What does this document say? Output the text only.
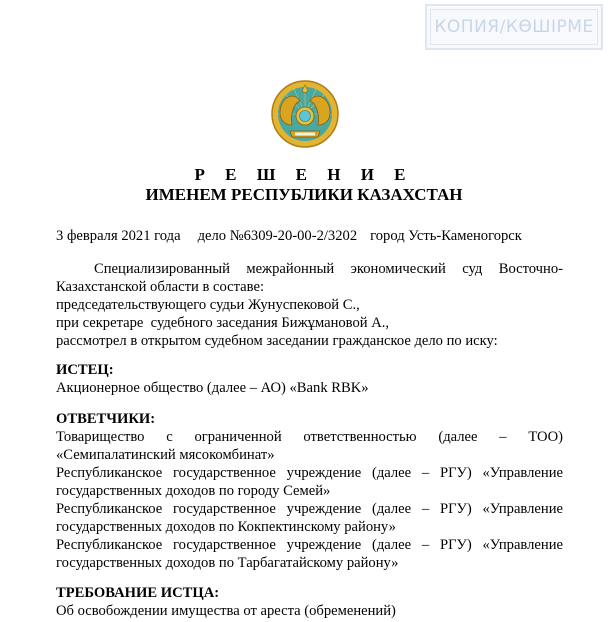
КОПИЯ/КӨШІРМЕ
Р Е Ш Е Н И Е
ИМЕНЕМ РЕСПУБЛИКИ КАЗАХСТАН
3 февраля 2021 года дело №6309-20-00-2/3202 город Усть-Каменогорск
Специализированный межрайонный экономический суд Восточно-
Казахстанской области в составе:
председательствующего судьи Жунуспековой С.,
при секретаре  судебного заседания Бижұмановой А.,
рассмотрел в открытом судебном заседании гражданское дело по иску:
ИСТЕЦ:
Акционерное общество (далее – АО) «Bank RBK»
ОТВЕТЧИКИ:
Товарищество с ограниченной ответственностью (далее – ТОО)
«Семипалатинский мясокомбинат»
Республиканское государственное учреждение (далее – РГУ) «Управление
государственных доходов по городу Семей»
Республиканское государственное учреждение (далее – РГУ) «Управление
государственных доходов по Кокпектинскому району»
Республиканское государственное учреждение (далее – РГУ) «Управление
государственных доходов по Тарбагатайскому району»
ТРЕБОВАНИЕ ИСТЦА:
Об освобождении имущества от ареста (обременений)
